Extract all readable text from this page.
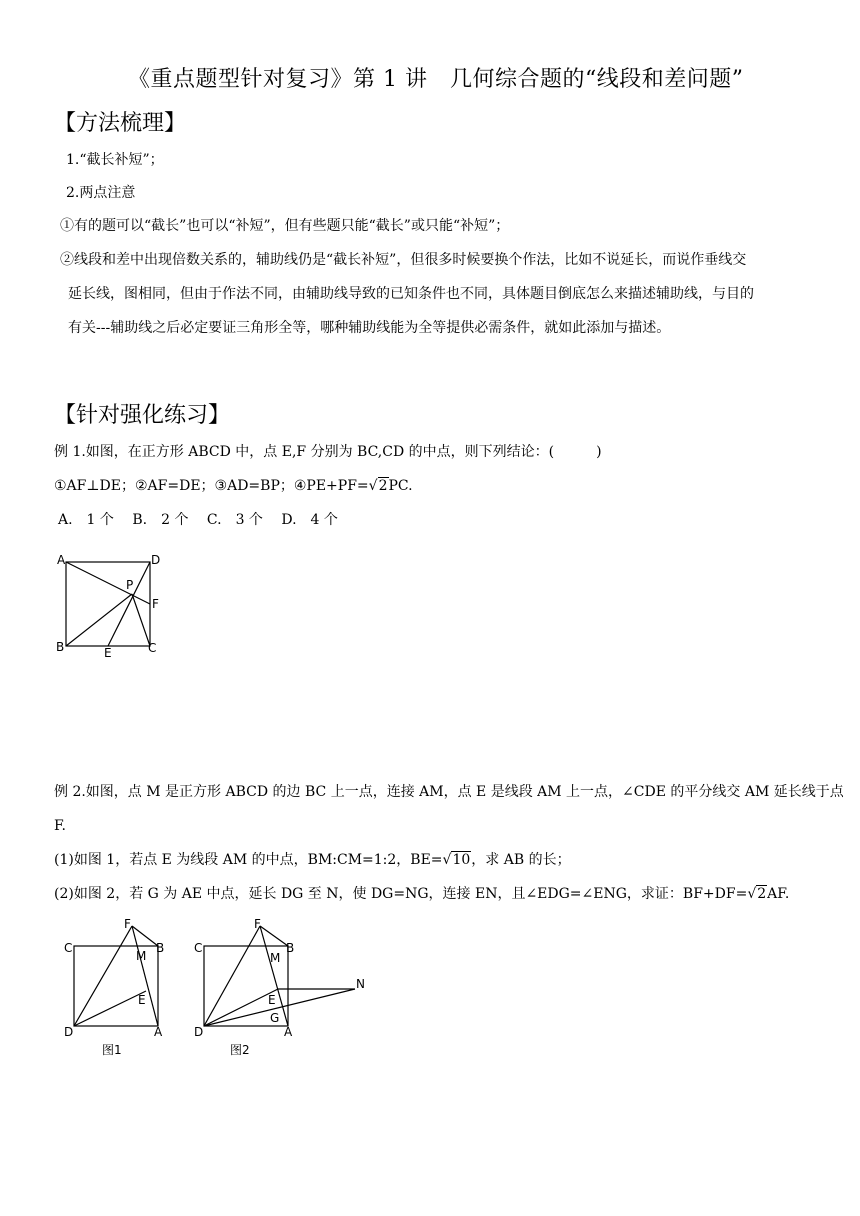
《重点题型针对复习》第 1 讲　几何综合题的“线段和差问题”
【方法梳理】
1.“截长补短”；
2.两点注意
①有的题可以“截长”也可以“补短”，但有些题只能“截长”或只能“补短”；
②线段和差中出现倍数关系的，辅助线仍是“截长补短”，但很多时候要换个作法，比如不说延长，而说作垂线交
延长线，图相同，但由于作法不同，由辅助线导致的已知条件也不同，具体题目倒底怎么来描述辅助线，与目的
有关---辅助线之后必定要证三角形全等，哪种辅助线能为全等提供必需条件，就如此添加与描述。
【针对强化练习】
例 1.如图，在正方形 ABCD 中，点 E,F 分别为 BC,CD 的中点，则下列结论：(　　　)
①AF⊥DE；②AF=DE；③AD=BP；④PE+PF=√2PC.
A.　1 个　 B.　2 个　 C.　3 个　 D.　4 个
A	D
P
F
B	E	C
例 2.如图，点 M 是正方形 ABCD 的边 BC 上一点，连接 AM，点 E 是线段 AM 上一点，∠CDE 的平分线交 AM 延长线于点
F.
(1)如图 1，若点 E 为线段 AM 的中点，BM:CM=1:2，BE=√10，求 AB 的长；
(2)如图 2，若 G 为 AE 中点，延长 DG 至 N，使 DG=NG，连接 EN，且∠EDG=∠ENG，求证：BF+DF=√2AF.
C
F
B
M
E
D	A
图1
C
F
B
M
E
G
N
D	A
图2
